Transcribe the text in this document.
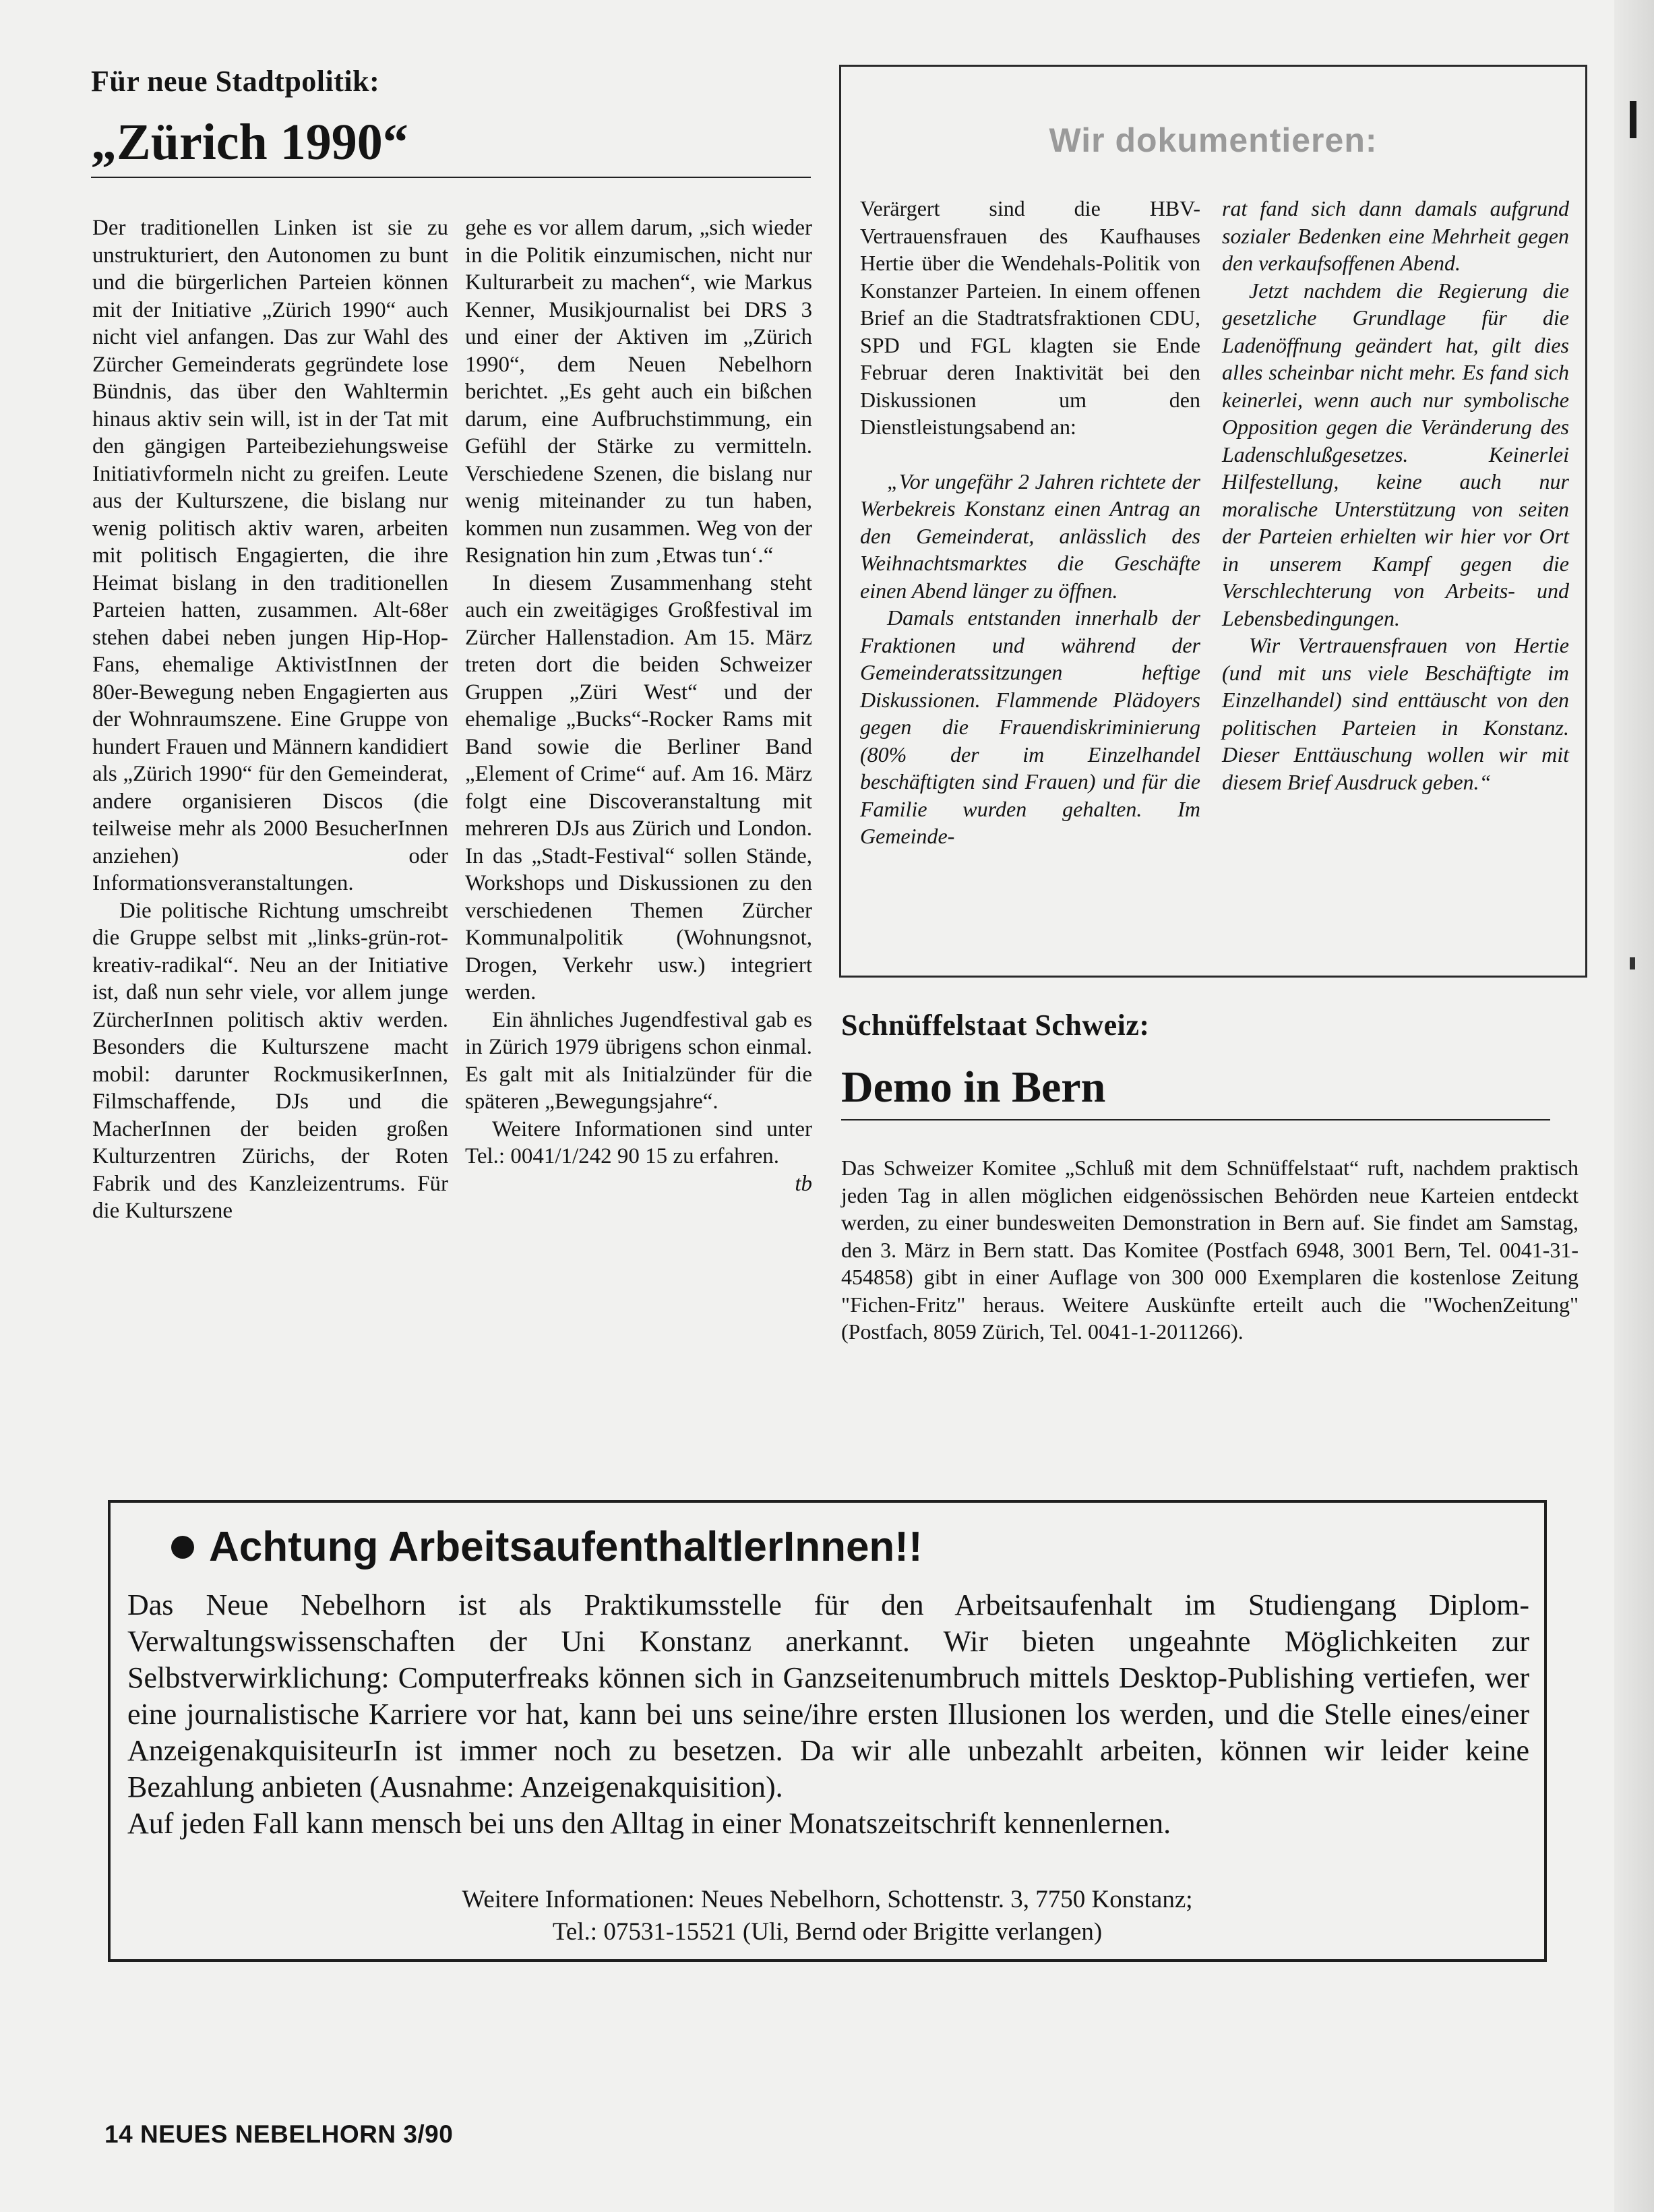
Für neue Stadtpolitik:
„Zürich 1990“

Der traditionellen Linken ist sie zu unstrukturiert, den Autonomen zu bunt und die bürgerlichen Parteien können mit der Initiative „Zürich 1990“ auch nicht viel anfangen. Das zur Wahl des Zürcher Gemeinderats gegründete lose Bündnis, das über den Wahltermin hinaus aktiv sein will, ist in der Tat mit den gängigen Parteibeziehungsweise Initiativformeln nicht zu greifen. Leute aus der Kulturszene, die bislang nur wenig politisch aktiv waren, arbeiten mit politisch Engagierten, die ihre Heimat bislang in den traditionellen Parteien hatten, zusammen. Alt-68er stehen dabei neben jungen Hip-Hop-Fans, ehemalige AktivistInnen der 80er-Bewegung neben Engagierten aus der Wohnraumszene. Eine Gruppe von hundert Frauen und Männern kandidiert als „Zürich 1990“ für den Gemeinderat, andere organisieren Discos (die teilweise mehr als 2000 BesucherInnen anziehen) oder Informationsveranstaltungen.

Die politische Richtung umschreibt die Gruppe selbst mit „links-grün-rot-kreativ-radikal“. Neu an der Initiative ist, daß nun sehr viele, vor allem junge ZürcherInnen politisch aktiv werden. Besonders die Kulturszene macht mobil: darunter RockmusikerInnen, Filmschaffende, DJs und die MacherInnen der beiden großen Kulturzentren Zürichs, der Roten Fabrik und des Kanzleizentrums. Für die Kulturszene

gehe es vor allem darum, „sich wieder in die Politik einzumischen, nicht nur Kulturarbeit zu machen“, wie Markus Kenner, Musikjournalist bei DRS 3 und einer der Aktiven im „Zürich 1990“, dem Neuen Nebelhorn berichtet. „Es geht auch ein bißchen darum, eine Aufbruchstimmung, ein Gefühl der Stärke zu vermitteln. Verschiedene Szenen, die bislang nur wenig miteinander zu tun haben, kommen nun zusammen. Weg von der Resignation hin zum ‚Etwas tun‘.“

In diesem Zusammenhang steht auch ein zweitägiges Großfestival im Zürcher Hallenstadion. Am 15. März treten dort die beiden Schweizer Gruppen „Züri West“ und der ehemalige „Bucks“-Rocker Rams mit Band sowie die Berliner Band „Element of Crime“ auf. Am 16. März folgt eine Discoveranstaltung mit mehreren DJs aus Zürich und London. In das „Stadt-Festival“ sollen Stände, Workshops und Diskussionen zu den verschiedenen Themen Zürcher Kommunalpolitik (Wohnungsnot, Drogen, Verkehr usw.) integriert werden.

Ein ähnliches Jugendfestival gab es in Zürich 1979 übrigens schon einmal. Es galt mit als Initialzünder für die späteren „Bewegungsjahre“.

Weitere Informationen sind unter Tel.: 0041/1/242 90 15 zu erfahren.
tb

Wir dokumentieren:

Verärgert sind die HBV-Vertrauensfrauen des Kaufhauses Hertie über die Wendehals-Politik von Konstanzer Parteien. In einem offenen Brief an die Stadtratsfraktionen CDU, SPD und FGL klagten sie Ende Februar deren Inaktivität bei den Diskussionen um den Dienstleistungsabend an:

„Vor ungefähr 2 Jahren richtete der Werbekreis Konstanz einen Antrag an den Gemeinderat, anlässlich des Weihnachtsmarktes die Geschäfte einen Abend länger zu öffnen.

Damals entstanden innerhalb der Fraktionen und während der Gemeinderatssitzungen heftige Diskussionen. Flammende Plädoyers gegen die Frauendiskriminierung (80% der im Einzelhandel beschäftigten sind Frauen) und für die Familie wurden gehalten. Im Gemeinde-

rat fand sich dann damals aufgrund sozialer Bedenken eine Mehrheit gegen den verkaufsoffenen Abend.

Jetzt nachdem die Regierung die gesetzliche Grundlage für die Ladenöffnung geändert hat, gilt dies alles scheinbar nicht mehr. Es fand sich keinerlei, wenn auch nur symbolische Opposition gegen die Veränderung des Ladenschlußgesetzes. Keinerlei Hilfestellung, keine auch nur moralische Unterstützung von seiten der Parteien erhielten wir hier vor Ort in unserem Kampf gegen die Verschlechterung von Arbeits- und Lebensbedingungen.

Wir Vertrauensfrauen von Hertie (und mit uns viele Beschäftigte im Einzelhandel) sind enttäuscht von den politischen Parteien in Konstanz. Dieser Enttäuschung wollen wir mit diesem Brief Ausdruck geben.“

Schnüffelstaat Schweiz:
Demo in Bern
Das Schweizer Komitee „Schluß mit dem Schnüffelstaat“ ruft, nachdem praktisch jeden Tag in allen möglichen eidgenössischen Behörden neue Karteien entdeckt werden, zu einer bundesweiten Demonstration in Bern auf. Sie findet am Samstag, den 3. März in Bern statt. Das Komitee (Postfach 6948, 3001 Bern, Tel. 0041-31-454858) gibt in einer Auflage von 300 000 Exemplaren die kostenlose Zeitung "Fichen-Fritz" heraus. Weitere Auskünfte erteilt auch die "WochenZeitung" (Postfach, 8059 Zürich, Tel. 0041-1-2011266).
Achtung ArbeitsaufenthaltlerInnen!!

Das Neue Nebelhorn ist als Praktikumsstelle für den Arbeitsaufenhalt im Studiengang Diplom-Verwaltungswissenschaften der Uni Konstanz anerkannt. Wir bieten ungeahnte Möglichkeiten zur Selbstverwirklichung: Computerfreaks können sich in Ganzseitenumbruch mittels Desktop-Publishing vertiefen, wer eine journalistische Karriere vor hat, kann bei uns seine/ihre ersten Illusionen los werden, und die Stelle eines/einer AnzeigenakquisiteurIn ist immer noch zu besetzen. Da wir alle unbezahlt arbeiten, können wir leider keine Bezahlung anbieten (Ausnahme: Anzeigenakquisition).

Auf jeden Fall kann mensch bei uns den Alltag in einer Monatszeitschrift kennenlernen.

Weitere Informationen: Neues Nebelhorn, Schottenstr. 3, 7750 Konstanz;
Tel.: 07531-15521 (Uli, Bernd oder Brigitte verlangen)
14 NEUES NEBELHORN 3/90
